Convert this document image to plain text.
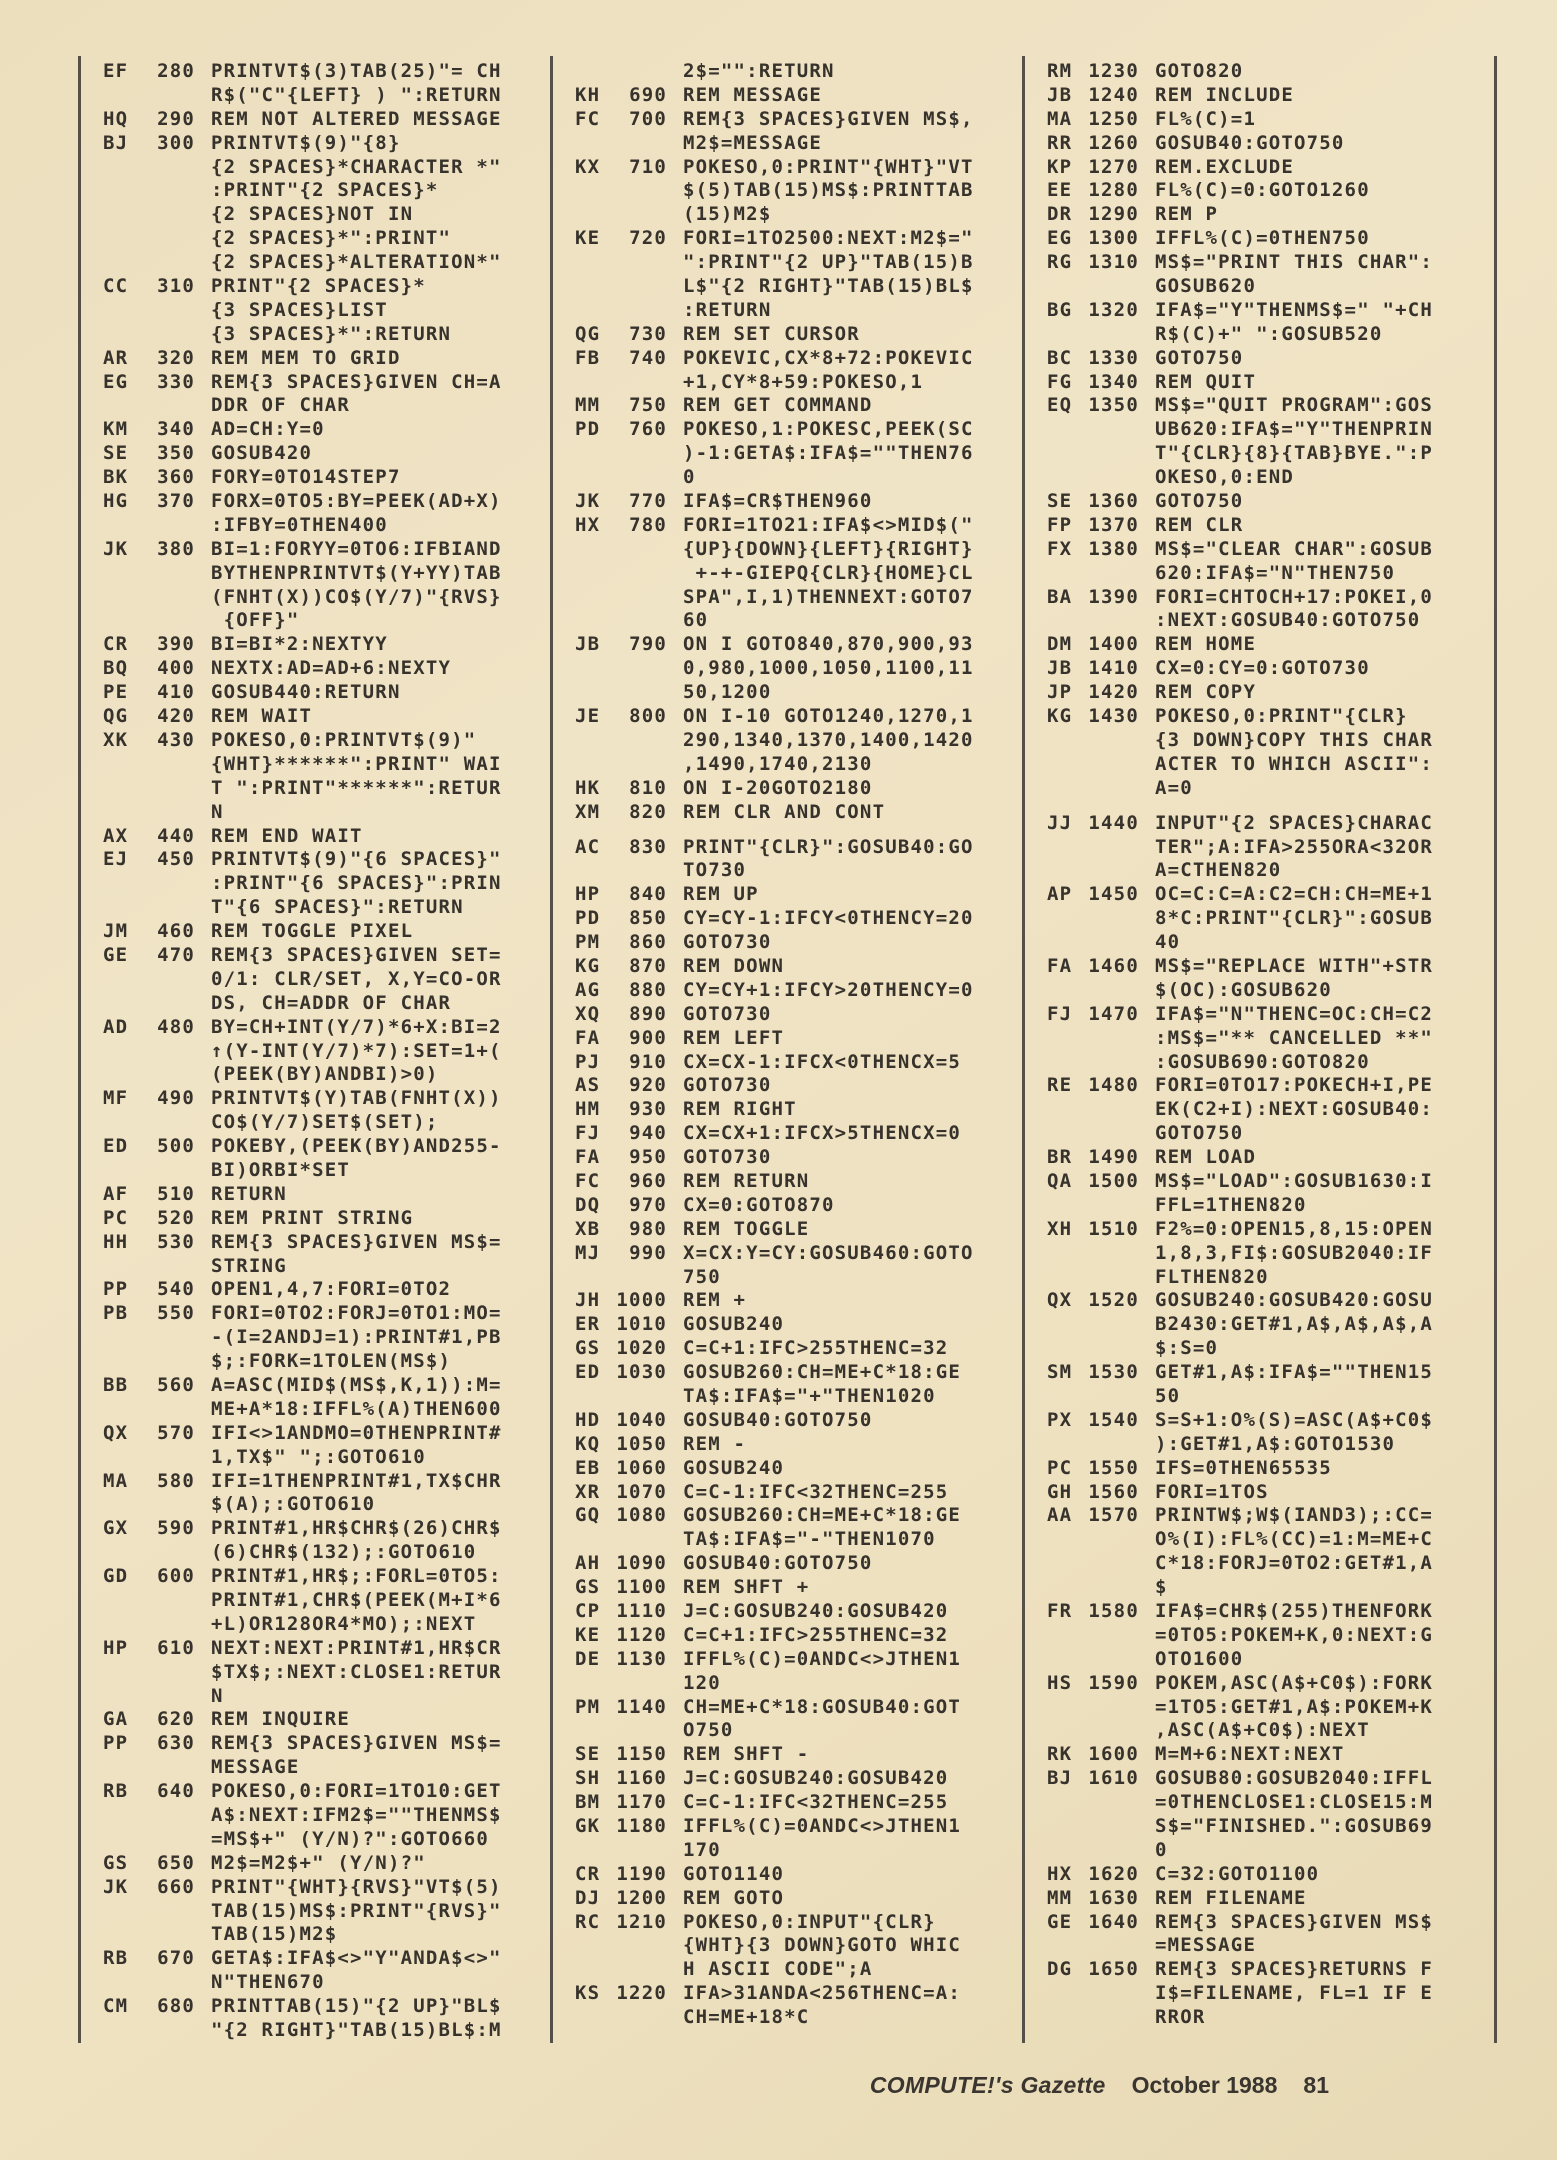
EF	280 PRINTVT$(3)TAB(25)"= CH
R$("C"{LEFT} ) ":RETURN
HQ	290 REM NOT ALTERED MESSAGE
BJ	300 PRINTVT$(9)"{8}
{2 SPACES}*CHARACTER *"
:PRINT"{2 SPACES}*
{2 SPACES}NOT IN
{2 SPACES}*":PRINT"
{2 SPACES}*ALTERATION*"
CC	310 PRINT"{2 SPACES}*
{3 SPACES}LIST
{3 SPACES}*":RETURN
AR	320 REM MEM TO GRID
EG	330 REM{3 SPACES}GIVEN CH=A
DDR OF CHAR
KM	340 AD=CH:Y=0
SE	350 GOSUB420
BK	360 FORY=0TO14STEP7
HG	370 FORX=0TO5:BY=PEEK(AD+X)
:IFBY=0THEN400
JK	380 BI=1:FORYY=0TO6:IFBIAND
BYTHENPRINTVT$(Y+YY)TAB
(FNHT(X))CO$(Y/7)"{RVS}
{OFF}"
CR	390 BI=BI*2:NEXTYY
BQ	400 NEXTX:AD=AD+6:NEXTY
PE	410 GOSUB440:RETURN
QG	420 REM WAIT
XK	430 POKESO,0:PRINTVT$(9)"
{WHT}******":PRINT" WAI
T ":PRINT"******":RETUR
N
AX	440 REM END WAIT
EJ	450 PRINTVT$(9)"{6 SPACES}"
:PRINT"{6 SPACES}":PRIN
T"{6 SPACES}":RETURN
JM	460 REM TOGGLE PIXEL
GE	470 REM{3 SPACES}GIVEN SET=
0/1: CLR/SET, X,Y=CO-OR
DS, CH=ADDR OF CHAR
AD	480 BY=CH+INT(Y/7)*6+X:BI=2
↑(Y-INT(Y/7)*7):SET=1+(
(PEEK(BY)ANDBI)>0)
MF	490 PRINTVT$(Y)TAB(FNHT(X))
CO$(Y/7)SET$(SET);
ED	500 POKEBY,(PEEK(BY)AND255-
BI)ORBI*SET
AF	510 RETURN
PC	520 REM PRINT STRING
HH	530 REM{3 SPACES}GIVEN MS$=
STRING
PP	540 OPEN1,4,7:FORI=0TO2
PB	550 FORI=0TO2:FORJ=0TO1:MO=
-(I=2ANDJ=1):PRINT#1,PB
$;:FORK=1TOLEN(MS$)
BB	560 A=ASC(MID$(MS$,K,1)):M=
ME+A*18:IFFL%(A)THEN600
QX	570 IFI<>1ANDMO=0THENPRINT#
1,TX$" ";:GOTO610
MA	580 IFI=1THENPRINT#1,TX$CHR
$(A);:GOTO610
GX	590 PRINT#1,HR$CHR$(26)CHR$
(6)CHR$(132);:GOTO610
GD	600 PRINT#1,HR$;:FORL=0TO5:
PRINT#1,CHR$(PEEK(M+I*6
+L)OR128OR4*MO);:NEXT
HP	610 NEXT:NEXT:PRINT#1,HR$CR
$TX$;:NEXT:CLOSE1:RETUR
N
GA	620 REM INQUIRE
PP	630 REM{3 SPACES}GIVEN MS$=
MESSAGE
RB	640 POKESO,0:FORI=1TO10:GET
A$:NEXT:IFM2$=""THENMS$
=MS$+" (Y/N)?":GOTO660
GS	650 M2$=M2$+" (Y/N)?"
JK	660 PRINT"{WHT}{RVS}"VT$(5)
TAB(15)MS$:PRINT"{RVS}"
TAB(15)M2$
RB	670 GETA$:IFA$<>"Y"ANDA$<>"
N"THEN670
CM	680 PRINTTAB(15)"{2 UP}"BL$
"{2 RIGHT}"TAB(15)BL$:M
2$="":RETURN
KH	690 REM MESSAGE
FC	700 REM{3 SPACES}GIVEN MS$,
M2$=MESSAGE
KX	710 POKESO,0:PRINT"{WHT}"VT
$(5)TAB(15)MS$:PRINTTAB
(15)M2$
KE	720 FORI=1TO2500:NEXT:M2$="
":PRINT"{2 UP}"TAB(15)B
L$"{2 RIGHT}"TAB(15)BL$
:RETURN
QG	730 REM SET CURSOR
FB	740 POKEVIC,CX*8+72:POKEVIC
+1,CY*8+59:POKESO,1
MM	750 REM GET COMMAND
PD	760 POKESO,1:POKESC,PEEK(SC
)-1:GETA$:IFA$=""THEN76
0
JK	770 IFA$=CR$THEN960
HX	780 FORI=1TO21:IFA$<>MID$("
{UP}{DOWN}{LEFT}{RIGHT}
+-+-GIEPQ{CLR}{HOME}CL
SPA",I,1)THENNEXT:GOTO7
60
JB	790 ON I GOTO840,870,900,93
0,980,1000,1050,1100,11
50,1200
JE	800 ON I-10 GOTO1240,1270,1
290,1340,1370,1400,1420
,1490,1740,2130
HK	810 ON I-20GOTO2180
XM	820 REM CLR AND CONT
AC	830 PRINT"{CLR}":GOSUB40:GO
TO730
HP	840 REM UP
PD	850 CY=CY-1:IFCY<0THENCY=20
PM	860 GOTO730
KG	870 REM DOWN
AG	880 CY=CY+1:IFCY>20THENCY=0
XQ	890 GOTO730
FA	900 REM LEFT
PJ	910 CX=CX-1:IFCX<0THENCX=5
AS	920 GOTO730
HM	930 REM RIGHT
FJ	940 CX=CX+1:IFCX>5THENCX=0
FA	950 GOTO730
FC	960 REM RETURN
DQ	970 CX=0:GOTO870
XB	980 REM TOGGLE
MJ	990 X=CX:Y=CY:GOSUB460:GOTO
750
JH 1000 REM +
ER 1010 GOSUB240
GS 1020 C=C+1:IFC>255THENC=32
ED 1030 GOSUB260:CH=ME+C*18:GE
TA$:IFA$="+"THEN1020
HD 1040 GOSUB40:GOTO750
KQ 1050 REM -
EB 1060 GOSUB240
XR 1070 C=C-1:IFC<32THENC=255
GQ 1080 GOSUB260:CH=ME+C*18:GE
TA$:IFA$="-"THEN1070
AH 1090 GOSUB40:GOTO750
GS 1100 REM SHFT +
CP 1110 J=C:GOSUB240:GOSUB420
KE 1120 C=C+1:IFC>255THENC=32
DE 1130 IFFL%(C)=0ANDC<>JTHEN1
120
PM 1140 CH=ME+C*18:GOSUB40:GOT
O750
SE 1150 REM SHFT -
SH 1160 J=C:GOSUB240:GOSUB420
BM 1170 C=C-1:IFC<32THENC=255
GK 1180 IFFL%(C)=0ANDC<>JTHEN1
170
CR 1190 GOTO1140
DJ 1200 REM GOTO
RC 1210 POKESO,0:INPUT"{CLR}
{WHT}{3 DOWN}GOTO WHIC
H ASCII CODE";A
KS 1220 IFA>31ANDA<256THENC=A:
CH=ME+18*C
RM 1230 GOTO820
JB 1240 REM INCLUDE
MA 1250 FL%(C)=1
RR 1260 GOSUB40:GOTO750
KP 1270 REM.EXCLUDE
EE 1280 FL%(C)=0:GOTO1260
DR 1290 REM P
EG 1300 IFFL%(C)=0THEN750
RG 1310 MS$="PRINT THIS CHAR":
GOSUB620
BG 1320 IFA$="Y"THENMS$=" "+CH
R$(C)+" ":GOSUB520
BC 1330 GOTO750
FG 1340 REM QUIT
EQ 1350 MS$="QUIT PROGRAM":GOS
UB620:IFA$="Y"THENPRIN
T"{CLR}{8}{TAB}BYE.":P
OKESO,0:END
SE 1360 GOTO750
FP 1370 REM CLR
FX 1380 MS$="CLEAR CHAR":GOSUB
620:IFA$="N"THEN750
BA 1390 FORI=CHTOCH+17:POKEI,0
:NEXT:GOSUB40:GOTO750
DM 1400 REM HOME
JB 1410 CX=0:CY=0:GOTO730
JP 1420 REM COPY
KG 1430 POKESO,0:PRINT"{CLR}
{3 DOWN}COPY THIS CHAR
ACTER TO WHICH ASCII":
A=0
JJ 1440 INPUT"{2 SPACES}CHARAC
TER";A:IFA>255ORA<32OR
A=CTHEN820
AP 1450 OC=C:C=A:C2=CH:CH=ME+1
8*C:PRINT"{CLR}":GOSUB
40
FA 1460 MS$="REPLACE WITH"+STR
$(OC):GOSUB620
FJ 1470 IFA$="N"THENC=OC:CH=C2
:MS$="** CANCELLED **"
:GOSUB690:GOTO820
RE 1480 FORI=0TO17:POKECH+I,PE
EK(C2+I):NEXT:GOSUB40:
GOTO750
BR 1490 REM LOAD
QA 1500 MS$="LOAD":GOSUB1630:I
FFL=1THEN820
XH 1510 F2%=0:OPEN15,8,15:OPEN
1,8,3,FI$:GOSUB2040:IF
FLTHEN820
QX 1520 GOSUB240:GOSUB420:GOSU
B2430:GET#1,A$,A$,A$,A
$:S=0
SM 1530 GET#1,A$:IFA$=""THEN15
50
PX 1540 S=S+1:O%(S)=ASC(A$+C0$
)​:GET#1,A$:GOTO1530
PC 1550 IFS=0THEN65535
GH 1560 FORI=1TOS
AA 1570 PRINTW$;W$(IAND3);:CC=
O%(I):FL%(CC)=1:M=ME+C
C*18:FORJ=0TO2:GET#1,A
$
FR 1580 IFA$=CHR$(255)THENFORK
=0TO5:POKEM+K,0:NEXT:G
OTO1600
HS 1590 POKEM,ASC(A$+C0$):FORK
=1TO5:GET#1,A$:POKEM+K
,ASC(A$+C0$):NEXT
RK 1600 M=M+6:NEXT:NEXT
BJ 1610 GOSUB80:GOSUB2040:IFFL
=0THENCLOSE1:CLOSE15:M
S$="FINISHED.":GOSUB69
0
HX 1620 C=32:GOTO1100
MM 1630 REM FILENAME
GE 1640 REM{3 SPACES}GIVEN MS$
=MESSAGE
DG 1650 REM{3 SPACES}RETURNS F
I$=FILENAME, FL=1 IF E
RROR
COMPUTE!'s Gazette October 1988 81
